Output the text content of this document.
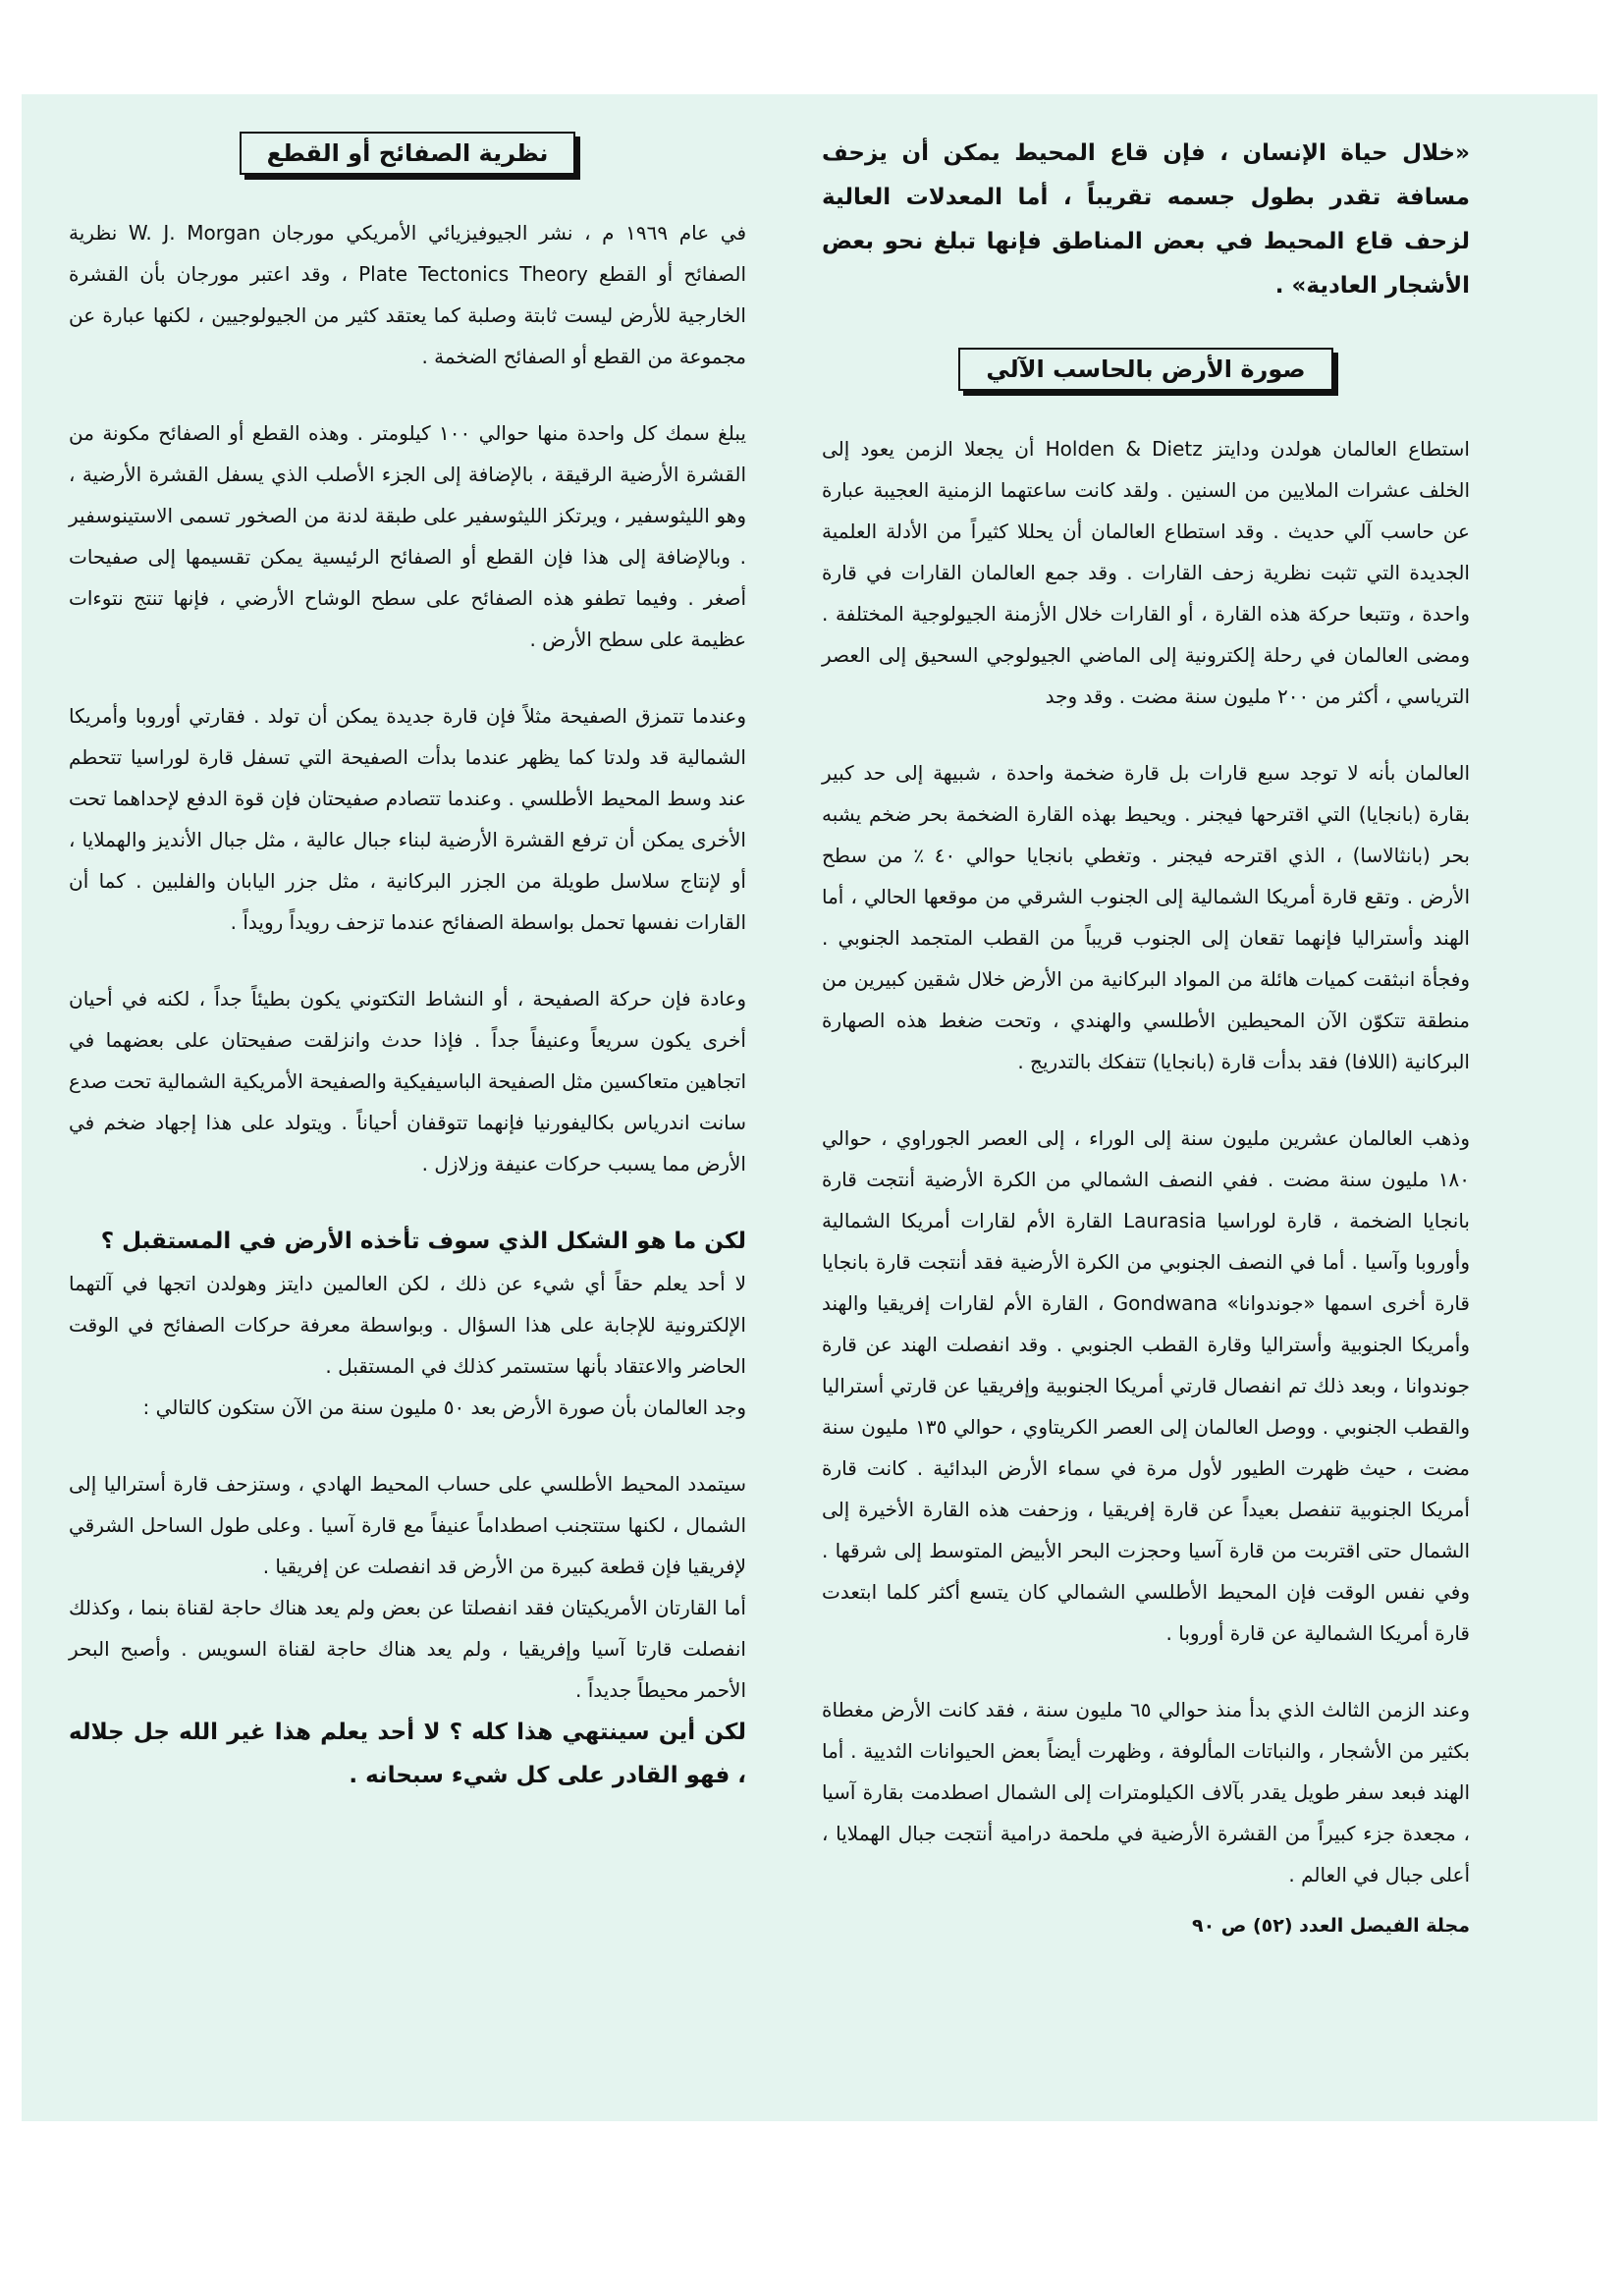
«خلال حياة الإنسان ، فإن قاع المحيط يمكن أن يزحف مسافة تقدر بطول جسمه تقريباً ، أما المعدلات العالية لزحف قاع المحيط في بعض المناطق فإنها تبلغ نحو بعض الأشجار العادية» .

صورة الأرض بالحاسب الآلي

استطاع العالمان هولدن ودايتز Holden & Dietz أن يجعلا الزمن يعود إلى الخلف عشرات الملايين من السنين . ولقد كانت ساعتهما الزمنية العجيبة عبارة عن حاسب آلي حديث . وقد استطاع العالمان أن يحللا كثيراً من الأدلة العلمية الجديدة التي تثبت نظرية زحف القارات . وقد جمع العالمان القارات في قارة واحدة ، وتتبعا حركة هذه القارة ، أو القارات خلال الأزمنة الجيولوجية المختلفة . ومضى العالمان في رحلة إلكترونية إلى الماضي الجيولوجي السحيق إلى العصر الترياسي ، أكثر من ٢٠٠ مليون سنة مضت . وقد وجد

العالمان بأنه لا توجد سبع قارات بل قارة ضخمة واحدة ، شبيهة إلى حد كبير بقارة (بانجايا) التي اقترحها فيجنر . ويحيط بهذه القارة الضخمة بحر ضخم يشبه بحر (بانثالاسا) ، الذي اقترحه فيجنر . وتغطي بانجايا حوالي ٤٠ ٪ من سطح الأرض . وتقع قارة أمريكا الشمالية إلى الجنوب الشرقي من موقعها الحالي ، أما الهند وأستراليا فإنهما تقعان إلى الجنوب قريباً من القطب المتجمد الجنوبي . وفجأة انبثقت كميات هائلة من المواد البركانية من الأرض خلال شقين كبيرين من منطقة تتكوّن الآن المحيطين الأطلسي والهندي ، وتحت ضغط هذه الصهارة البركانية (اللافا) فقد بدأت قارة (بانجايا) تتفكك بالتدريج .

وذهب العالمان عشرين مليون سنة إلى الوراء ، إلى العصر الجوراوي ، حوالي ١٨٠ مليون سنة مضت . ففي النصف الشمالي من الكرة الأرضية أنتجت قارة بانجايا الضخمة ، قارة لوراسيا Laurasia القارة الأم لقارات أمريكا الشمالية وأوروبا وآسيا . أما في النصف الجنوبي من الكرة الأرضية فقد أنتجت قارة بانجايا قارة أخرى اسمها «جوندوانا» Gondwana ، القارة الأم لقارات إفريقيا والهند وأمريكا الجنوبية وأستراليا وقارة القطب الجنوبي . وقد انفصلت الهند عن قارة جوندوانا ، وبعد ذلك تم انفصال قارتي أمريكا الجنوبية وإفريقيا عن قارتي أستراليا والقطب الجنوبي . ووصل العالمان إلى العصر الكريتاوي ، حوالي ١٣٥ مليون سنة مضت ، حيث ظهرت الطيور لأول مرة في سماء الأرض البدائية . كانت قارة أمريكا الجنوبية تنفصل بعيداً عن قارة إفريقيا ، وزحفت هذه القارة الأخيرة إلى الشمال حتى اقتربت من قارة آسيا وحجزت البحر الأبيض المتوسط إلى شرقها . وفي نفس الوقت فإن المحيط الأطلسي الشمالي كان يتسع أكثر كلما ابتعدت قارة أمريكا الشمالية عن قارة أوروبا .

وعند الزمن الثالث الذي بدأ منذ حوالي ٦٥ مليون سنة ، فقد كانت الأرض مغطاة بكثير من الأشجار ، والنباتات المألوفة ، وظهرت أيضاً بعض الحيوانات الثديية . أما الهند فبعد سفر طويل يقدر بآلاف الكيلومترات إلى الشمال اصطدمت بقارة آسيا ، مجعدة جزء كبيراً من القشرة الأرضية في ملحمة درامية أنتجت جبال الهملايا ، أعلى جبال في العالم .

مجلة الفيصل العدد (٥٢) ص ٩٠
نظرية الصفائح أو القطع

في عام ١٩٦٩ م ، نشر الجيوفيزيائي الأمريكي مورجان W. J. Morgan نظرية الصفائح أو القطع Plate Tectonics Theory ، وقد اعتبر مورجان بأن القشرة الخارجية للأرض ليست ثابتة وصلبة كما يعتقد كثير من الجيولوجيين ، لكنها عبارة عن مجموعة من القطع أو الصفائح الضخمة .

يبلغ سمك كل واحدة منها حوالي ١٠٠ كيلومتر . وهذه القطع أو الصفائح مكونة من القشرة الأرضية الرقيقة ، بالإضافة إلى الجزء الأصلب الذي يسفل القشرة الأرضية ، وهو الليثوسفير ، ويرتكز الليثوسفير على طبقة لدنة من الصخور تسمى الاستينوسفير . وبالإضافة إلى هذا فإن القطع أو الصفائح الرئيسية يمكن تقسيمها إلى صفيحات أصغر . وفيما تطفو هذه الصفائح على سطح الوشاح الأرضي ، فإنها تنتج نتوءات عظيمة على سطح الأرض .

وعندما تتمزق الصفيحة مثلاً فإن قارة جديدة يمكن أن تولد . فقارتي أوروبا وأمريكا الشمالية قد ولدتا كما يظهر عندما بدأت الصفيحة التي تسفل قارة لوراسيا تتحطم عند وسط المحيط الأطلسي . وعندما تتصادم صفيحتان فإن قوة الدفع لإحداهما تحت الأخرى يمكن أن ترفع القشرة الأرضية لبناء جبال عالية ، مثل جبال الأنديز والهملايا ، أو لإنتاج سلاسل طويلة من الجزر البركانية ، مثل جزر اليابان والفلبين . كما أن القارات نفسها تحمل بواسطة الصفائح عندما تزحف رويداً رويداً .

وعادة فإن حركة الصفيحة ، أو النشاط التكتوني يكون بطيئاً جداً ، لكنه في أحيان أخرى يكون سريعاً وعنيفاً جداً . فإذا حدث وانزلقت صفيحتان على بعضهما في اتجاهين متعاكسين مثل الصفيحة الباسيفيكية والصفيحة الأمريكية الشمالية تحت صدع سانت اندرياس بكاليفورنيا فإنهما تتوقفان أحياناً . ويتولد على هذا إجهاد ضخم في الأرض مما يسبب حركات عنيفة وزلازل .

لكن ما هو الشكل الذي سوف تأخذه الأرض في المستقبل ؟

لا أحد يعلم حقاً أي شيء عن ذلك ، لكن العالمين دايتز وهولدن اتجها في آلتهما الإلكترونية للإجابة على هذا السؤال . وبواسطة معرفة حركات الصفائح في الوقت الحاضر والاعتقاد بأنها ستستمر كذلك في المستقبل .

وجد العالمان بأن صورة الأرض بعد ٥٠ مليون سنة من الآن ستكون كالتالي :

سيتمدد المحيط الأطلسي على حساب المحيط الهادي ، وستزحف قارة أستراليا إلى الشمال ، لكنها ستتجنب اصطداماً عنيفاً مع قارة آسيا . وعلى طول الساحل الشرقي لإفريقيا فإن قطعة كبيرة من الأرض قد انفصلت عن إفريقيا .

أما القارتان الأمريكيتان فقد انفصلتا عن بعض ولم يعد هناك حاجة لقناة بنما ، وكذلك انفصلت قارتا آسيا وإفريقيا ، ولم يعد هناك حاجة لقناة السويس . وأصبح البحر الأحمر محيطاً جديداً .

لكن أين سينتهي هذا كله ؟ لا أحد يعلم هذا غير الله جل جلاله ، فهو القادر على كل شيء سبحانه .
